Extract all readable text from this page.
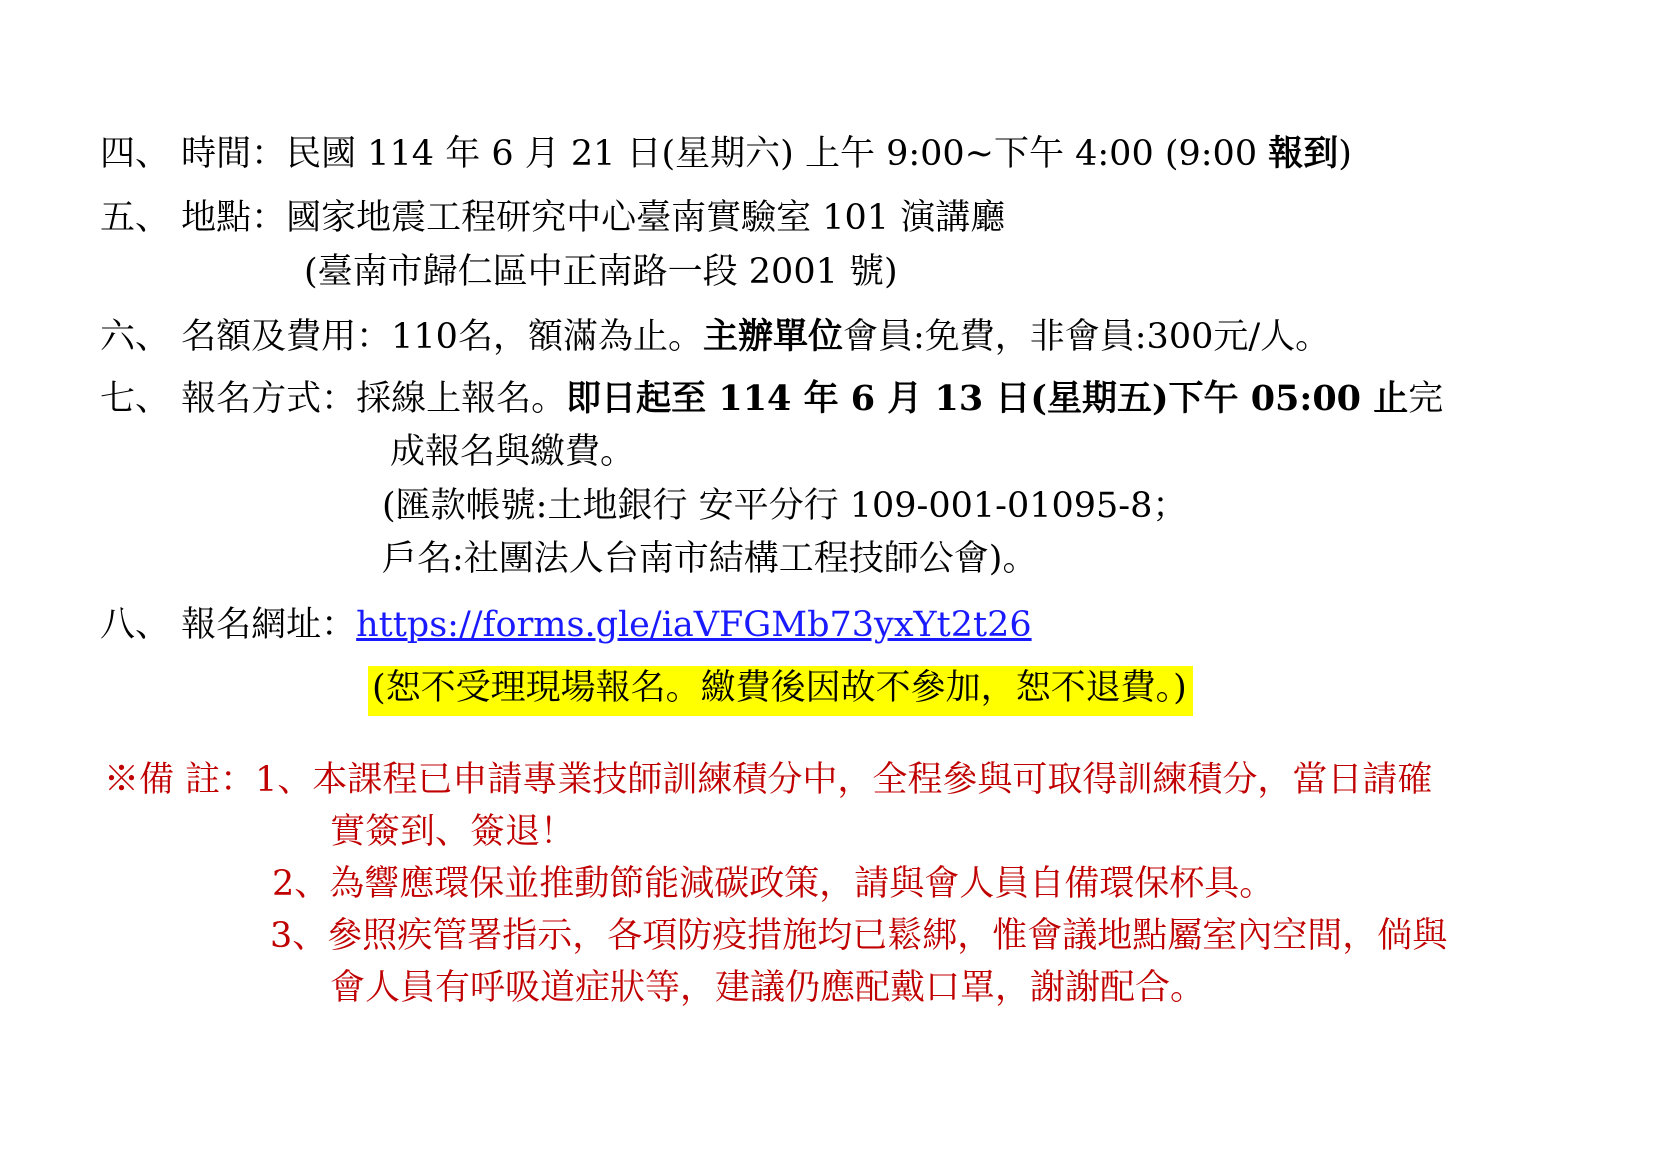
四、 時間：民國 114 年 6 月 21 日(星期六) 上午 9:00~下午 4:00 (9:00 報到)
五、 地點：國家地震工程研究中心臺南實驗室 101 演講廳
(臺南市歸仁區中正南路一段 2001 號)
六、 名額及費用：110名，額滿為止。主辦單位會員:免費，非會員:300元/人。
七、 報名方式：採線上報名。即日起至 114 年 6 月 13 日(星期五)下午 05:00 止完
成報名與繳費。
(匯款帳號:土地銀行 安平分行 109-001-01095-8；
戶名:社團法人台南市結構工程技師公會)。
八、 報名網址：https://forms.gle/iaVFGMb73yxYt2t26
(恕不受理現場報名。繳費後因故不參加，恕不退費。)
※備 註：1、本課程已申請專業技師訓練積分中，全程參與可取得訓練積分，當日請確
實簽到、簽退！
2、為響應環保並推動節能減碳政策，請與會人員自備環保杯具。
3、參照疾管署指示，各項防疫措施均已鬆綁，惟會議地點屬室內空間，倘與
會人員有呼吸道症狀等，建議仍應配戴口罩，謝謝配合。
